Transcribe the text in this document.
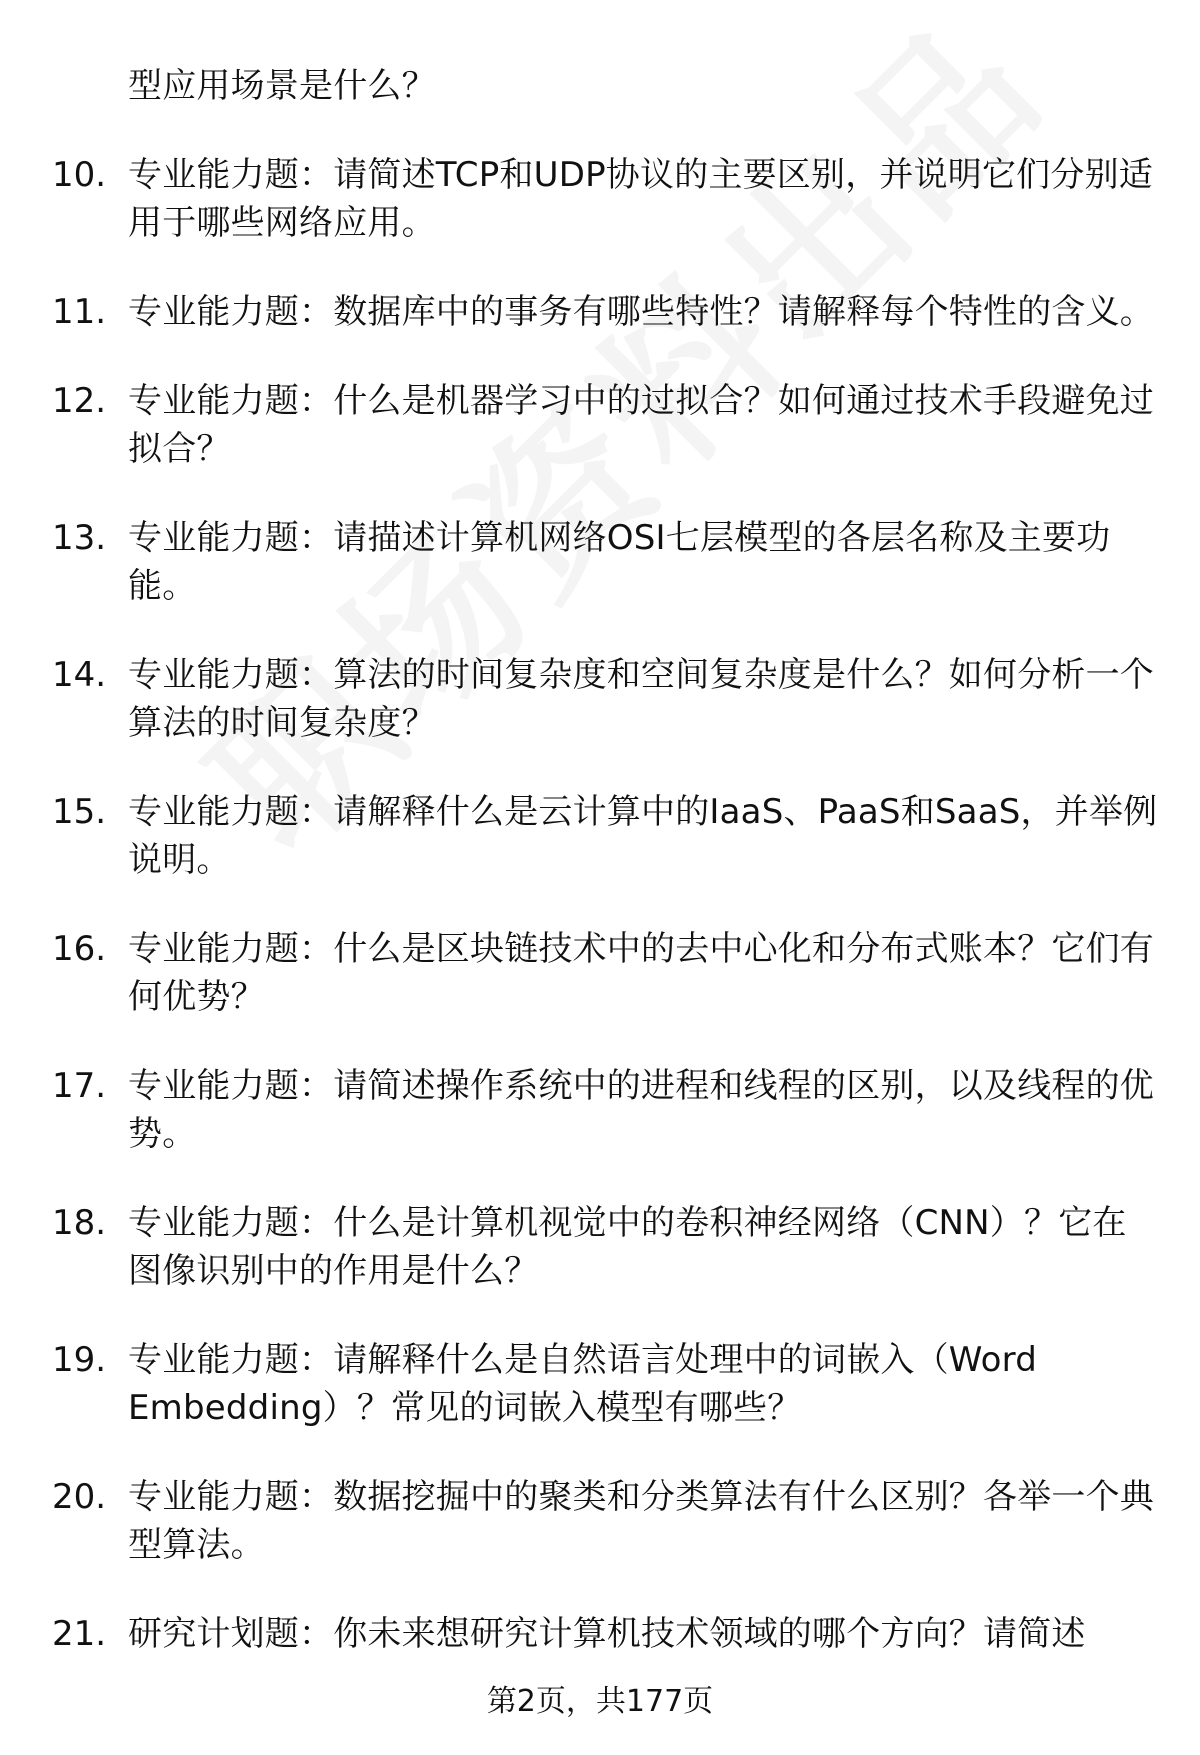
型应用场景是什么？
10. 专业能力题：请简述TCP和UDP协议的主要区别，并说明它们分别适用于哪些网络应用。
11. 专业能力题：数据库中的事务有哪些特性？请解释每个特性的含义。
12. 专业能力题：什么是机器学习中的过拟合？如何通过技术手段避免过拟合？
13. 专业能力题：请描述计算机网络OSI七层模型的各层名称及主要功能。
14. 专业能力题：算法的时间复杂度和空间复杂度是什么？如何分析一个算法的时间复杂度？
15. 专业能力题：请解释什么是云计算中的IaaS、PaaS和SaaS，并举例说明。
16. 专业能力题：什么是区块链技术中的去中心化和分布式账本？它们有何优势？
17. 专业能力题：请简述操作系统中的进程和线程的区别，以及线程的优势。
18. 专业能力题：什么是计算机视觉中的卷积神经网络（CNN）？它在图像识别中的作用是什么？
19. 专业能力题：请解释什么是自然语言处理中的词嵌入（Word Embedding）？常见的词嵌入模型有哪些？
20. 专业能力题：数据挖掘中的聚类和分类算法有什么区别？各举一个典型算法。
21. 研究计划题：你未来想研究计算机技术领域的哪个方向？请简述
第2页，共177页
